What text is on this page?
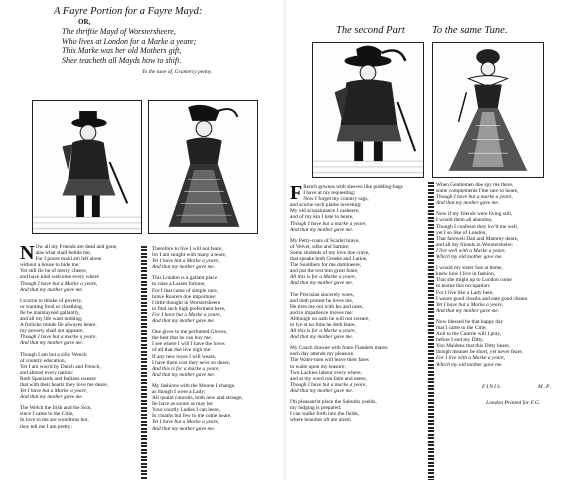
A Fayre Portion for a Fayre Mayd:
OR,
The thriftie Mayd of Worstersheere,
Who lives at London for a Marke a yeare;
This Marke was her old Mothers gift,
Shee teacheth all Mayds how to shift.
To the tune of, Gramercy penny.
N Ow all my Friends are dead and gone,
alas what shall betide me,
For I poore maid am left alone
without a house to hide me:
Yet still Ile be of merry cheere,
and have kind welcome every where
Though I have but a Marke a yeare,
And that my mother gave me.
I scorne to thinke of poverty,
or wanting food or cloathing,
Ile be maintayned gallantly,
and all my life want nothing;
A frolicke minde Ile alwayes beare,
my poverty shall not appeare,
Though I have but a marke a yeare,
And that my mother gave me.
Though I am but a silly Wench
of country education,
Yet I am woo'd by Dutch and French,
and almost every nation:
Both Spaniards and Italians sweare
that with their hearts they love me deare,
Yet I have but a Marke a yeare,
And that my mother gave me.
The Welch the Irish and the Scot,
since I came to the Citie,
In love to me are wondrous hot,
they tell me I am pretty:
Therefore to live I will not feare,
for I am sought with many a teare,
Yet I have but a Marke a yeare,
And that my mother gave me.
This London is a gallant place
to raise a Lasses fortune,
For I that came of simple race,
brave Roarers doe importune:
I little thought in Worstersheere
to find such high preferment here,
For I have but a Marke a yeare,
And that my mother gave me.
One gives to me perfumed Gloves,
the best that he can buy me,
I see where I will I have the loves
of all that doe live nigh me:
If any new toyes I will weare,
I have them cost they ne'er so deare,
And this is for a marke a yeare,
And that my mother gave me.
My fashions with the Moone I change,
as though I were a Lady;
All quaint conceits, both new and strange,
Ile have as soone as may be;
Your courtly Ladies I can leere,
In cloaths but few to me come neare,
Yet I have but a Marke a yeare,
And that my mother gave me.
The second Part	To the same Tune.
F Rench gownes with sleeves like pudding-bags
I have at my requesting:
Now I forget my country rags,
and scorne such plaine investing:
My old acquaintance I casheere,
and of my kin I hate to heare,
Though I have but a marke a yeare,
And that my mother gave me.
My Petty-coats of Scarlet brave,
of Velvet, silke and Sattine;
Some students of my love doe crave,
that speake both Greeke and Latine,
The Souldiers for me domineere,
and put the rest into great feare,
All this is for a Marke a yeare,
And that my mother gave me.
The Precisian sincerely woes,
and doth protest he loves me,
He tires me out with Ies and noes,
and to impatience moves me:
Although on oath he will not sweare,
to lye at no time he doth feare,
All this is for a Marke a yeare,
And that my mother gave me.
My Coach drawne with foure Flanders mares
each day attends my pleasure,
The Water-men will leave their fares
to waite upon my leasure:
Two Lackies labour every where,
and at my word run faire and neere,
Though I have but a marke a yeare,
And that my mother gave me.
I'th pleasant'st place the Suburbs yeelds,
my lodging is prepared,
I can walke forth into the fields,
where beauties oft are aired;
When Gentlemen doe spy me there,
some complements I'me sure to heare,
Though I have but a marke a yeare,
And that my mother gave me.
Now if my friends were living still,
I would them all abandon,
Though I confesse they lov'd me well,
yet I so like of London,
That farewell Dad and Mammy deare,
and all my friends in Worstersheire:
I live well with a Marke a yeare,
Which my old mother gave me.
I would my sister Sue at home,
knew how I live in fashion,
That she might up to London come
to learne this occupation:
For I live like a Lady here,
I weare good cloaths and eate good cheare
Yet I have but a Marke a yeare,
And that my mother gave me.
Now blessed be that happy day
that I came to the Citie;
And to the Cuntrie will I pray,
before I end my Ditty,
You Maidens that this Ditty heare,
though meanes be short, yet never feare,
For I live with a Marke a yeare,
Which my old mother gave me.
FINIS.	M.P.
London Printed for F.G.
